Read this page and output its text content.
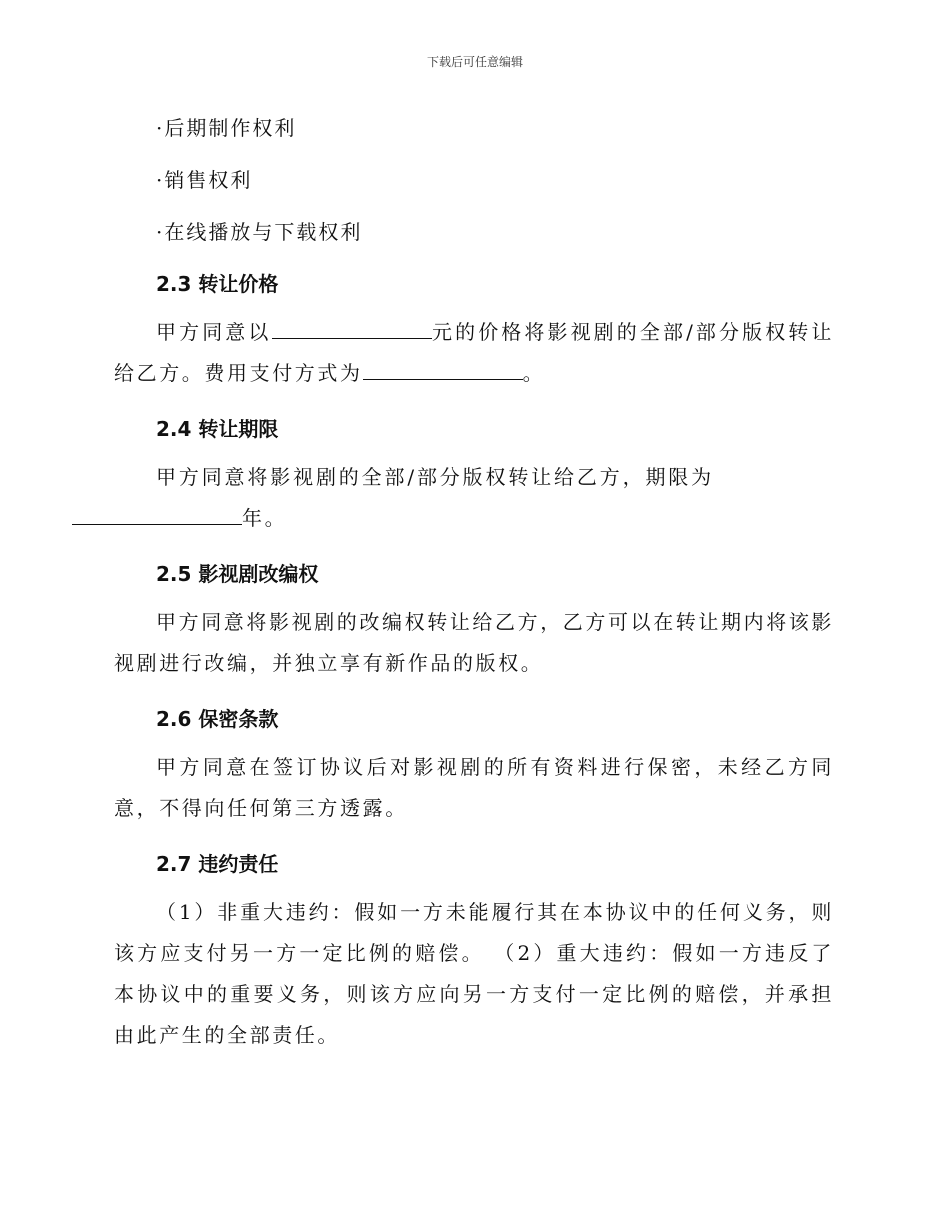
下载后可任意编辑
·后期制作权利
·销售权利
·在线播放与下载权利
2.3 转让价格

甲方同意以	元的价格将影视剧的全部/部分版权转让给乙方。费用支付方式为	。

2.4 转让期限

甲方同意将影视剧的全部/部分版权转让给乙方，期限为年。

2.5 影视剧改编权

甲方同意将影视剧的改编权转让给乙方，乙方可以在转让期内将该影视剧进行改编，并独立享有新作品的版权。

2.6 保密条款

甲方同意在签订协议后对影视剧的所有资料进行保密，未经乙方同意，不得向任何第三方透露。

2.7 违约责任

（1）非重大违约：假如一方未能履行其在本协议中的任何义务，则该方应支付另一方一定比例的赔偿。 （2）重大违约：假如一方违反了本协议中的重要义务，则该方应向另一方支付一定比例的赔偿，并承担由此产生的全部责任。
